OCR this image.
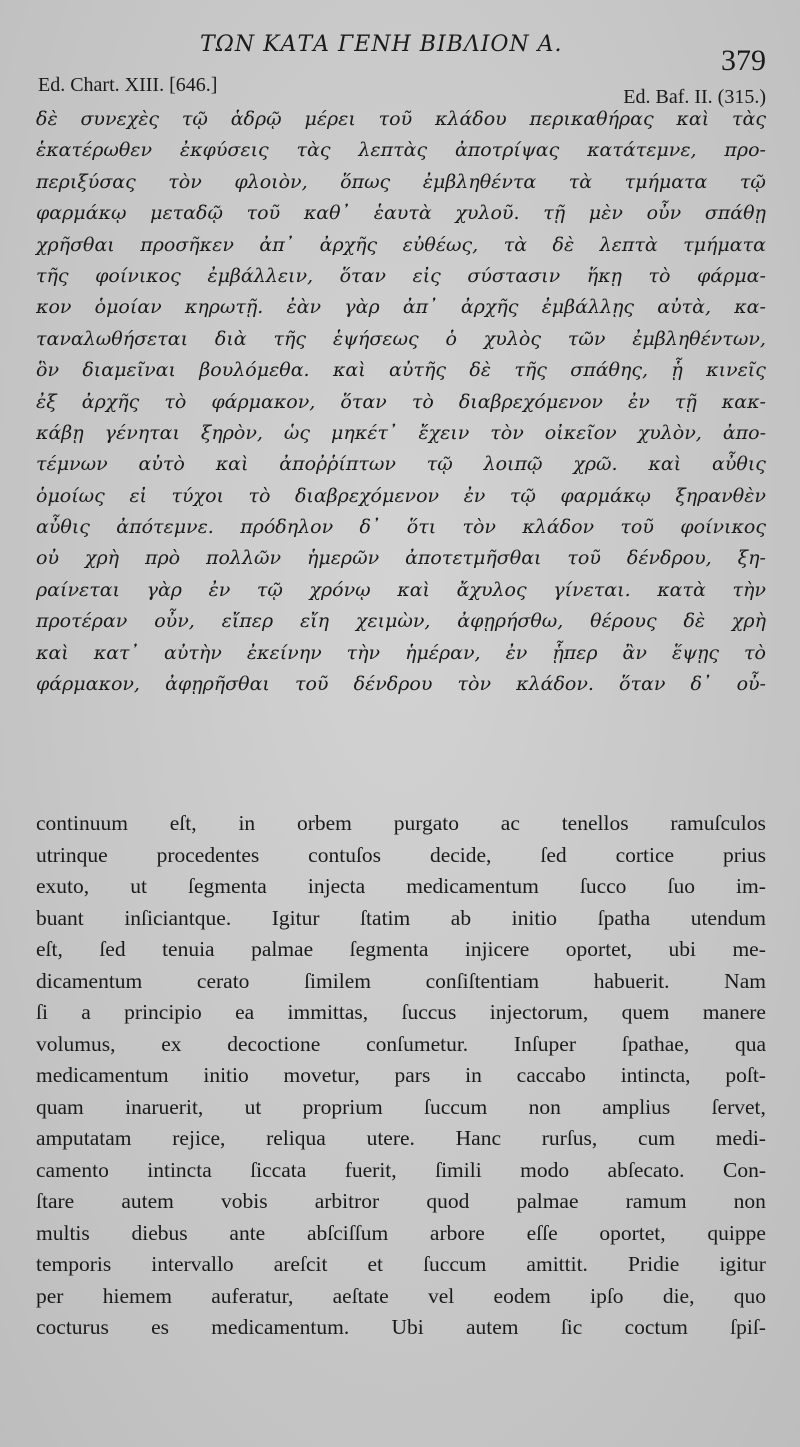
ΤΩΝ ΚΑΤΑ ΓΕΝΗ ΒΙΒΛΙΟΝ Α.	379
Ed. Chart. XIII. [646.]
Ed. Baf. II. (315.)
δὲ συνεχὲς τῷ ἁδρῷ μέρει τοῦ κλάδου περικαθήρας καὶ τὰς
ἑκατέρωθεν ἐκφύσεις τὰς λεπτὰς ἀποτρίψας κατάτεμνε, προ-
περιξύσας τὸν φλοιὸν, ὅπως ἐμβληθέντα τὰ τμήματα τῷ
φαρμάκῳ μεταδῷ τοῦ καθ᾽ ἑαυτὰ χυλοῦ. τῇ μὲν οὖν σπάθῃ
χρῆσθαι προσῆκεν ἀπ᾽ ἀρχῆς εὐθέως, τὰ δὲ λεπτὰ τμήματα
τῆς φοίνικος ἐμβάλλειν, ὅταν εἰς σύστασιν ἥκῃ τὸ φάρμα-
κον ὁμοίαν κηρωτῇ. ἐὰν γὰρ ἀπ᾽ ἀρχῆς ἐμβάλλῃς αὐτὰ, κα-
ταναλωθήσεται διὰ τῆς ἑψήσεως ὁ χυλὸς τῶν ἐμβληθέντων,
ὃν διαμεῖναι βουλόμεθα. καὶ αὐτῆς δὲ τῆς σπάθης, ᾗ κινεῖς
ἐξ ἀρχῆς τὸ φάρμακον, ὅταν τὸ διαβρεχόμενον ἐν τῇ κακ-
κάβῃ γένηται ξηρὸν, ὡς μηκέτ᾽ ἔχειν τὸν οἰκεῖον χυλὸν, ἀπο-
τέμνων αὐτὸ καὶ ἀποῤῥίπτων τῷ λοιπῷ χρῶ. καὶ αὖθις
ὁμοίως εἰ τύχοι τὸ διαβρεχόμενον ἐν τῷ φαρμάκῳ ξηρανθὲν
αὖθις ἀπότεμνε. πρόδηλον δ᾽ ὅτι τὸν κλάδον τοῦ φοίνικος
οὐ χρὴ πρὸ πολλῶν ἡμερῶν ἀποτετμῆσθαι τοῦ δένδρου, ξη-
ραίνεται γὰρ ἐν τῷ χρόνῳ καὶ ἄχυλος γίνεται. κατὰ τὴν
προτέραν οὖν, εἴπερ εἴη χειμὼν, ἀφῃρήσθω, θέρους δὲ χρὴ
καὶ κατ᾽ αὐτὴν ἐκείνην τὴν ἡμέραν, ἐν ᾗπερ ἂν ἕψῃς τὸ
φάρμακον, ἀφῃρῆσθαι τοῦ δένδρου τὸν κλάδον. ὅταν δ᾽ οὖ-
continuum eſt, in orbem purgato ac tenellos ramuſculos
utrinque procedentes contuſos decide, ſed cortice prius
exuto, ut ſegmenta injecta medicamentum ſucco ſuo im-
buant inſiciantque. Igitur ſtatim ab initio ſpatha utendum
eſt, ſed tenuia palmae ſegmenta injicere oportet, ubi me-
dicamentum	cerato	ſimilem	conſiſtentiam	habuerit.	Nam
ſi a principio ea immittas, ſuccus injectorum, quem manere
volumus, ex decoctione conſumetur. Inſuper ſpathae, qua
medicamentum initio movetur, pars in caccabo intincta, poſt-
quam inaruerit, ut proprium ſuccum non amplius ſervet,
amputatam rejice, reliqua utere. Hanc rurſus, cum medi-
camento intincta ſiccata fuerit, ſimili modo abſecato. Con-
ſtare autem vobis arbitror quod palmae ramum non
multis diebus ante abſciſſum arbore eſſe oportet, quippe
temporis intervallo areſcit et ſuccum amittit. Pridie igitur
per hiemem auferatur, aeſtate vel eodem ipſo die, quo
cocturus es medicamentum. Ubi autem ſic coctum ſpiſ-
